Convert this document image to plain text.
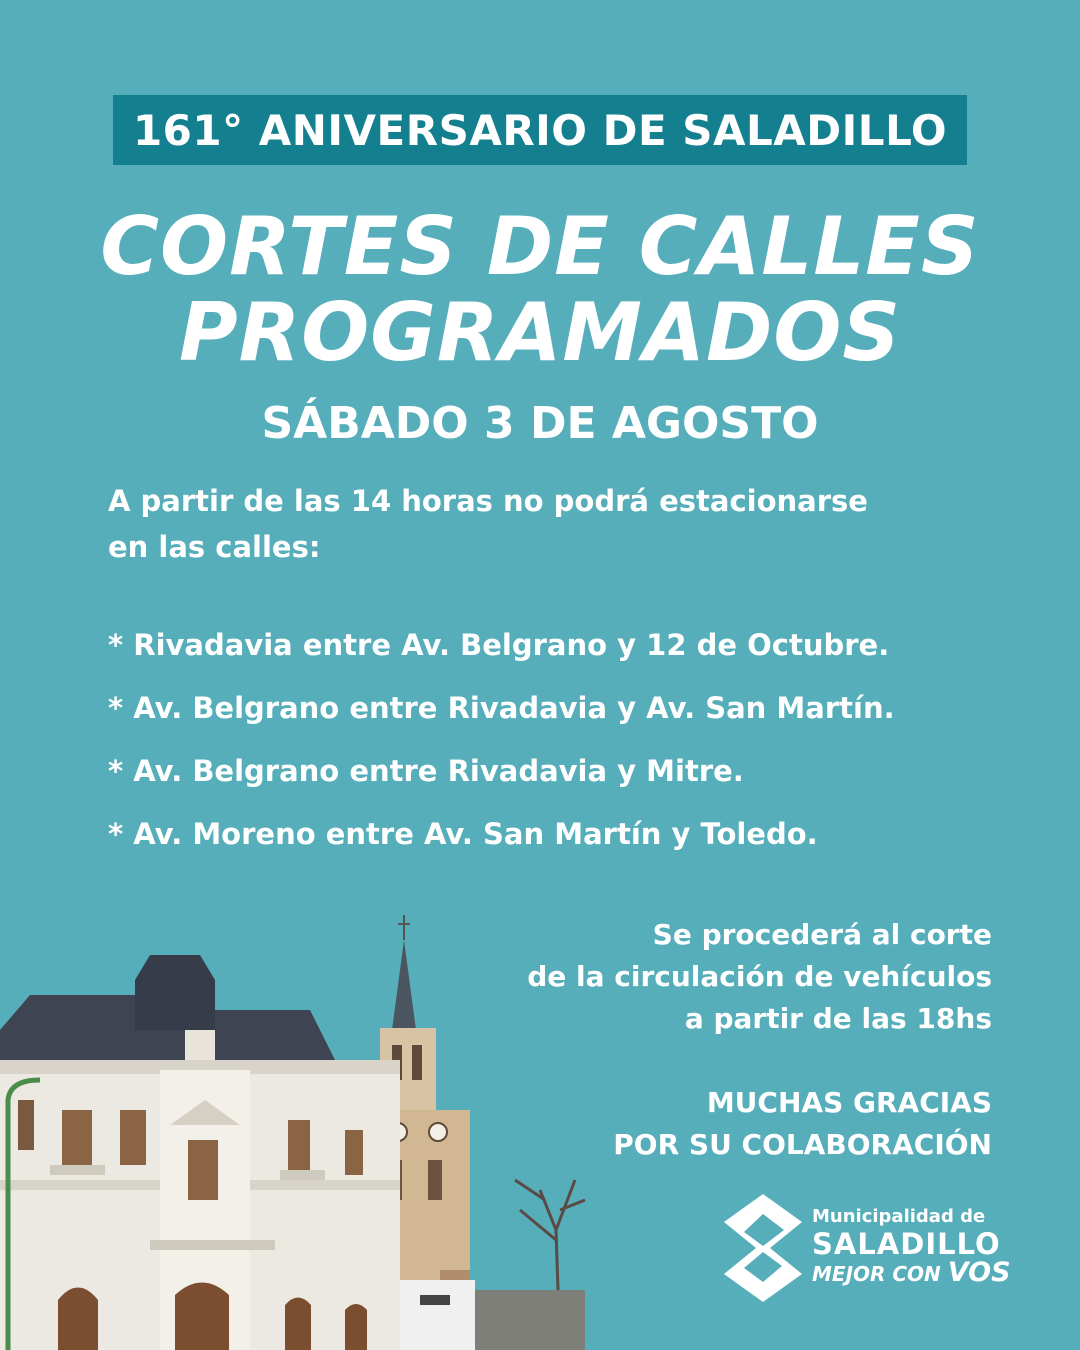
161° ANIVERSARIO DE SALADILLO
CORTES DE CALLES
PROGRAMADOS
SÁBADO 3 DE AGOSTO
A partir de las 14 horas no podrá estacionarse
en las calles:
* Rivadavia entre Av. Belgrano y 12 de Octubre.
* Av. Belgrano entre Rivadavia y Av. San Martín.
* Av. Belgrano entre Rivadavia y Mitre.
* Av. Moreno entre Av. San Martín y Toledo.
Se procederá al corte
de la circulación de vehículos
a partir de las 18hs
MUCHAS GRACIAS
POR SU COLABORACIÓN
Municipalidad de
SALADILLO
MEJOR CON VOS
